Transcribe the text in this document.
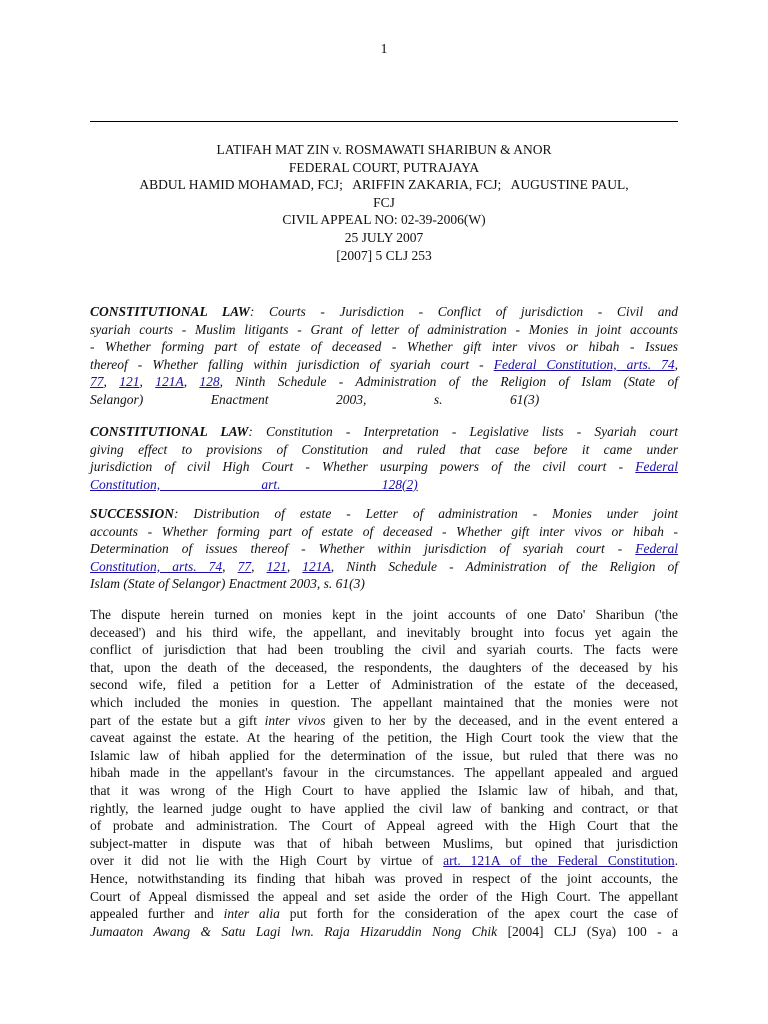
1
LATIFAH MAT ZIN v. ROSMAWATI SHARIBUN & ANOR
FEDERAL COURT, PUTRAJAYA
ABDUL HAMID MOHAMAD, FCJ;   ARIFFIN ZAKARIA, FCJ;   AUGUSTINE PAUL,
FCJ
CIVIL APPEAL NO: 02-39-2006(W)
25 JULY 2007
[2007] 5 CLJ 253
CONSTITUTIONAL LAW: Courts - Jurisdiction - Conflict of jurisdiction - Civil and
syariah courts - Muslim litigants - Grant of letter of administration - Monies in joint accounts
- Whether forming part of estate of deceased - Whether gift inter vivos or hibah - Issues
thereof - Whether falling within jurisdiction of syariah court - Federal Constitution, arts. 74,
77, 121, 121A, 128, Ninth Schedule - Administration of the Religion of Islam (State of
Selangor)                    Enactment                    2003,                    s.                    61(3)
CONSTITUTIONAL LAW: Constitution - Interpretation - Legislative lists - Syariah court
giving effect to provisions of Constitution and ruled that case before it came under
jurisdiction of civil High Court - Whether usurping powers of the civil court - Federal
Constitution,                              art.                              128(2)
SUCCESSION: Distribution of estate - Letter of administration - Monies under joint
accounts - Whether forming part of estate of deceased - Whether gift inter vivos or hibah -
Determination of issues thereof - Whether within jurisdiction of syariah court - Federal
Constitution, arts. 74, 77, 121, 121A, Ninth Schedule - Administration of the Religion of
Islam (State of Selangor) Enactment 2003, s. 61(3)
The dispute herein turned on monies kept in the joint accounts of one Dato' Sharibun ('the
deceased') and his third wife, the appellant, and inevitably brought into focus yet again the
conflict of jurisdiction that had been troubling the civil and syariah courts. The facts were
that, upon the death of the deceased, the respondents, the daughters of the deceased by his
second wife, filed a petition for a Letter of Administration of the estate of the deceased,
which included the monies in question. The appellant maintained that the monies were not
part of the estate but a gift inter vivos given to her by the deceased, and in the event entered a
caveat against the estate. At the hearing of the petition, the High Court took the view that the
Islamic law of hibah applied for the determination of the issue, but ruled that there was no
hibah made in the appellant's favour in the circumstances. The appellant appealed and argued
that it was wrong of the High Court to have applied the Islamic law of hibah, and that,
rightly, the learned judge ought to have applied the civil law of banking and contract, or that
of probate and administration. The Court of Appeal agreed with the High Court that the
subject-matter in dispute was that of hibah between Muslims, but opined that jurisdiction
over it did not lie with the High Court by virtue of art. 121A of the Federal Constitution.
Hence, notwithstanding its finding that hibah was proved in respect of the joint accounts, the
Court of Appeal dismissed the appeal and set aside the order of the High Court. The appellant
appealed further and inter alia put forth for the consideration of the apex court the case of
Jumaaton Awang & Satu Lagi lwn. Raja Hizaruddin Nong Chik [2004] CLJ (Sya) 100 - a
